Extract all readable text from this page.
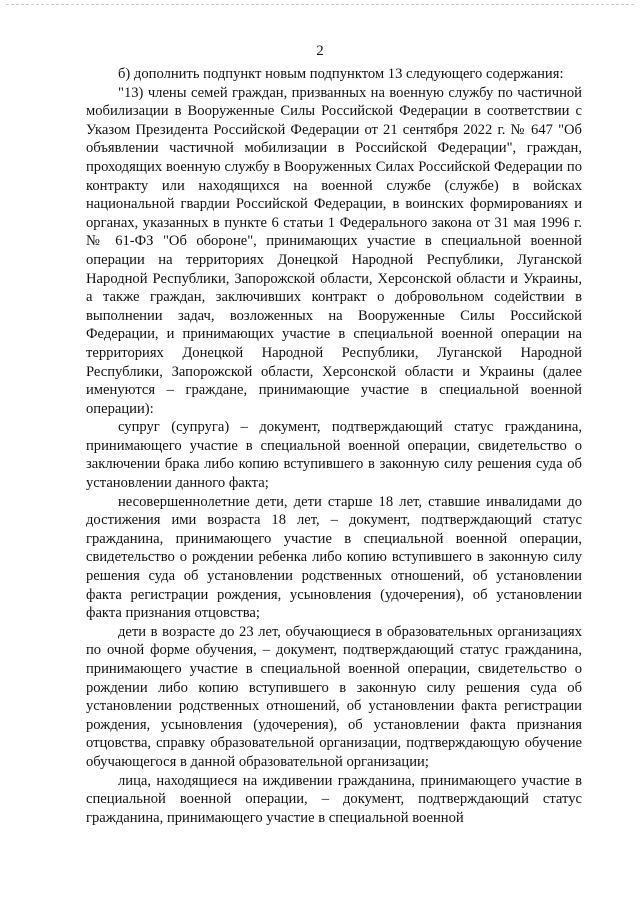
2

б) дополнить подпункт новым подпунктом 13 следующего содержания:

"13) члены семей граждан, призванных на военную службу по частичной мобилизации в Вооруженные Силы Российской Федерации в соответствии с Указом Президента Российской Федерации от 21 сентября 2022 г. № 647 "Об объявлении частичной мобилизации в Российской Федерации", граждан, проходящих военную службу в Вооруженных Силах Российской Федерации по контракту или находящихся на военной службе (службе) в войсках национальной гвардии Российской Федерации, в воинских формированиях и органах, указанных в пункте 6 статьи 1 Федерального закона от 31 мая 1996 г. № 61-ФЗ "Об обороне", принимающих участие в специальной военной операции на территориях Донецкой Народной Республики, Луганской Народной Республики, Запорожской области, Херсонской области и Украины, а также граждан, заключивших контракт о добровольном содействии в выполнении задач, возложенных на Вооруженные Силы Российской Федерации, и принимающих участие в специальной военной операции на территориях Донецкой Народной Республики, Луганской Народной Республики, Запорожской области, Херсонской области и Украины (далее именуются – граждане, принимающие участие в специальной военной операции):

супруг (супруга) – документ, подтверждающий статус гражданина, принимающего участие в специальной военной операции, свидетельство о заключении брака либо копию вступившего в законную силу решения суда об установлении данного факта;

несовершеннолетние дети, дети старше 18 лет, ставшие инвалидами до достижения ими возраста 18 лет, – документ, подтверждающий статус гражданина, принимающего участие в специальной военной операции, свидетельство о рождении ребенка либо копию вступившего в законную силу решения суда об установлении родственных отношений, об установлении факта регистрации рождения, усыновления (удочерения), об установлении факта признания отцовства;

дети в возрасте до 23 лет, обучающиеся в образовательных организациях по очной форме обучения, – документ, подтверждающий статус гражданина, принимающего участие в специальной военной операции, свидетельство о рождении либо копию вступившего в законную силу решения суда об установлении родственных отношений, об установлении факта регистрации рождения, усыновления (удочерения), об установлении факта признания отцовства, справку образовательной организации, подтверждающую обучение обучающегося в данной образовательной организации;

лица, находящиеся на иждивении гражданина, принимающего участие в специальной военной операции, – документ, подтверждающий статус гражданина, принимающего участие в специальной военной
